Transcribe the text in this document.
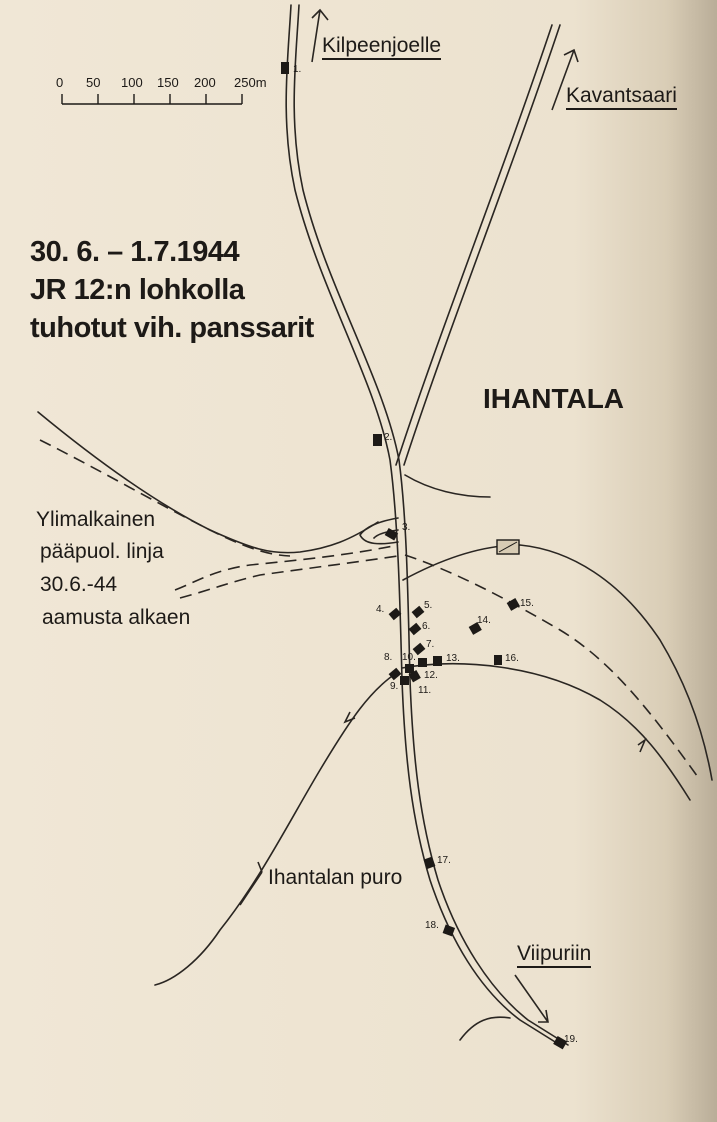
0 50 100 150 200 250m
30. 6. – 1.7.1944
JR 12:n lohkolla
tuhotut vih. panssarit
IHANTALA
Kilpeenjoelle
Kavantsaari
Viipuriin
Ylimalkainen
pääpuol. linja
30.6.-44
aamusta alkaen
Ihantalan puro
1.
2.
3.
4.	5.
6.
7.
8.
9.
10.
11.
12.
13.
14.
15.
16.
17.
18.
19.
